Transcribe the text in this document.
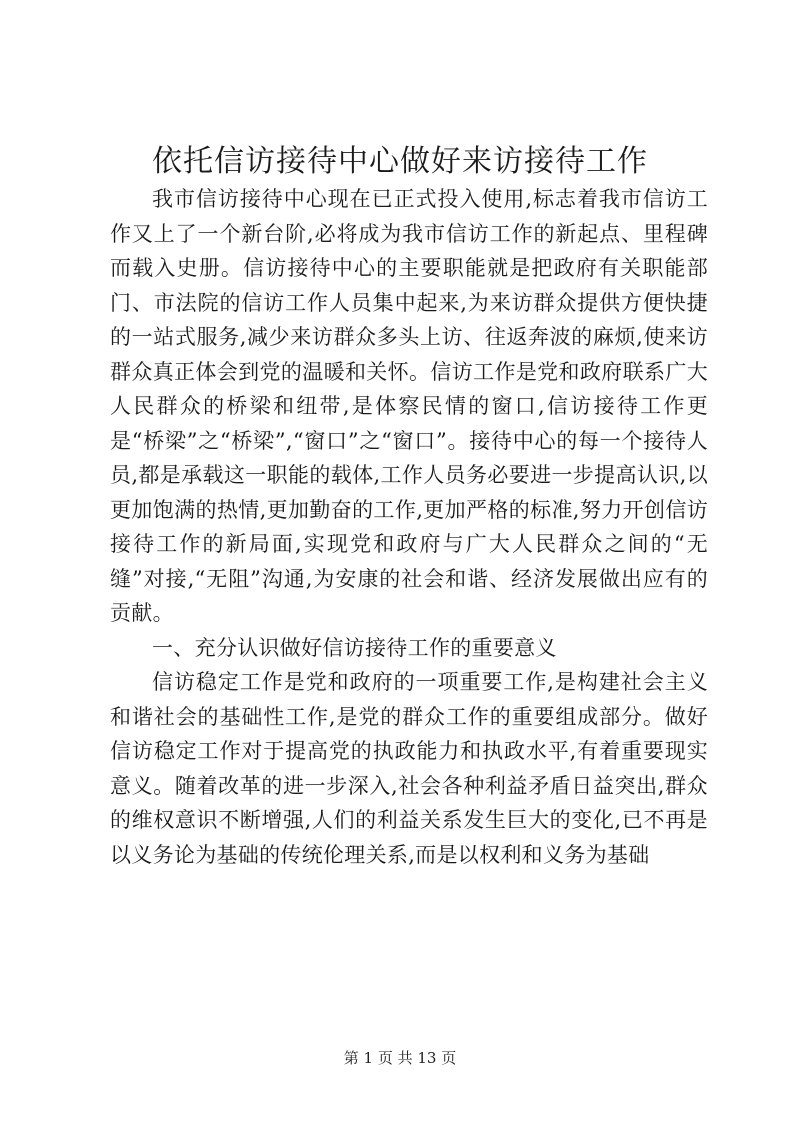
依托信访接待中心做好来访接待工作

我市信访接待中心现在已正式投入使用,标志着我市信访工作又上了一个新台阶,必将成为我市信访工作的新起点、里程碑而载入史册。信访接待中心的主要职能就是把政府有关职能部门、市法院的信访工作人员集中起来,为来访群众提供方便快捷的一站式服务,减少来访群众多头上访、往返奔波的麻烦,使来访群众真正体会到党的温暖和关怀。信访工作是党和政府联系广大人民群众的桥梁和纽带,是体察民情的窗口,信访接待工作更是“桥梁”之“桥梁”,“窗口”之“窗口”。接待中心的每一个接待人员,都是承载这一职能的载体,工作人员务必要进一步提高认识,以更加饱满的热情,更加勤奋的工作,更加严格的标准,努力开创信访接待工作的新局面,实现党和政府与广大人民群众之间的“无缝”对接,“无阻”沟通,为安康的社会和谐、经济发展做出应有的贡献。

一、充分认识做好信访接待工作的重要意义

信访稳定工作是党和政府的一项重要工作,是构建社会主义和谐社会的基础性工作,是党的群众工作的重要组成部分。做好信访稳定工作对于提高党的执政能力和执政水平,有着重要现实意义。随着改革的进一步深入,社会各种利益矛盾日益突出,群众的维权意识不断增强,人们的利益关系发生巨大的变化,已不再是以义务论为基础的传统伦理关系,而是以权利和义务为基础

第 1 页 共 13 页
